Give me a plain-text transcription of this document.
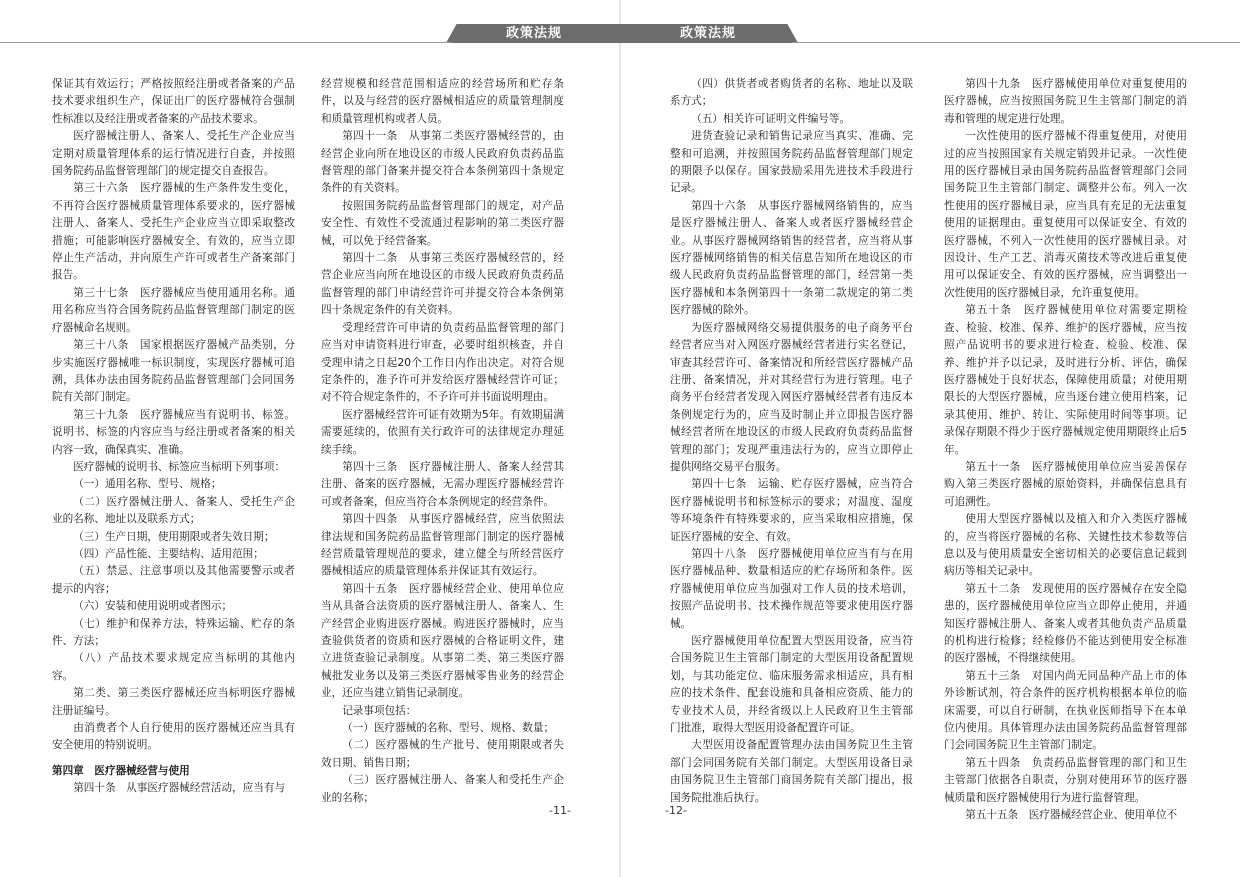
政策法规	政策法规

保证其有效运行；严格按照经注册或者备案的产品技术要求组织生产，保证出厂的医疗器械符合强制性标准以及经注册或者备案的产品技术要求。

医疗器械注册人、备案人、受托生产企业应当定期对质量管理体系的运行情况进行自查，并按照国务院药品监督管理部门的规定提交自查报告。

第三十六条　医疗器械的生产条件发生变化，不再符合医疗器械质量管理体系要求的，医疗器械注册人、备案人、受托生产企业应当立即采取整改措施；可能影响医疗器械安全、有效的，应当立即停止生产活动，并向原生产许可或者生产备案部门报告。

第三十七条　医疗器械应当使用通用名称。通用名称应当符合国务院药品监督管理部门制定的医疗器械命名规则。

第三十八条　国家根据医疗器械产品类别，分步实施医疗器械唯一标识制度，实现医疗器械可追溯，具体办法由国务院药品监督管理部门会同国务院有关部门制定。

第三十九条　医疗器械应当有说明书、标签。说明书、标签的内容应当与经注册或者备案的相关内容一致，确保真实、准确。

医疗器械的说明书、标签应当标明下列事项：

（一）通用名称、型号、规格；

（二）医疗器械注册人、备案人、受托生产企业的名称、地址以及联系方式；

（三）生产日期，使用期限或者失效日期；

（四）产品性能、主要结构、适用范围；

（五）禁忌、注意事项以及其他需要警示或者提示的内容；

（六）安装和使用说明或者图示；

（七）维护和保养方法，特殊运输、贮存的条件、方法；

（八）产品技术要求规定应当标明的其他内容。

第二类、第三类医疗器械还应当标明医疗器械注册证编号。

由消费者个人自行使用的医疗器械还应当具有安全使用的特别说明。

第四章　医疗器械经营与使用

第四十条　从事医疗器械经营活动，应当有与

经营规模和经营范围相适应的经营场所和贮存条件，以及与经营的医疗器械相适应的质量管理制度和质量管理机构或者人员。

第四十一条　从事第二类医疗器械经营的，由经营企业向所在地设区的市级人民政府负责药品监督管理的部门备案并提交符合本条例第四十条规定条件的有关资料。

按照国务院药品监督管理部门的规定，对产品安全性、有效性不受流通过程影响的第二类医疗器械，可以免于经营备案。

第四十二条　从事第三类医疗器械经营的，经营企业应当向所在地设区的市级人民政府负责药品监督管理的部门申请经营许可并提交符合本条例第四十条规定条件的有关资料。

受理经营许可申请的负责药品监督管理的部门应当对申请资料进行审查，必要时组织核查，并自受理申请之日起20个工作日内作出决定。对符合规定条件的，准予许可并发给医疗器械经营许可证；对不符合规定条件的，不予许可并书面说明理由。

医疗器械经营许可证有效期为5年。有效期届满需要延续的，依照有关行政许可的法律规定办理延续手续。

第四十三条　医疗器械注册人、备案人经营其注册、备案的医疗器械，无需办理医疗器械经营许可或者备案，但应当符合本条例规定的经营条件。

第四十四条　从事医疗器械经营，应当依照法律法规和国务院药品监督管理部门制定的医疗器械经营质量管理规范的要求，建立健全与所经营医疗器械相适应的质量管理体系并保证其有效运行。

第四十五条　医疗器械经营企业、使用单位应当从具备合法资质的医疗器械注册人、备案人、生产经营企业购进医疗器械。购进医疗器械时，应当查验供货者的资质和医疗器械的合格证明文件，建立进货查验记录制度。从事第二类、第三类医疗器械批发业务以及第三类医疗器械零售业务的经营企业，还应当建立销售记录制度。

记录事项包括：

（一）医疗器械的名称、型号、规格、数量；

（二）医疗器械的生产批号、使用期限或者失效日期、销售日期；

（三）医疗器械注册人、备案人和受托生产企业的名称；

（四）供货者或者购货者的名称、地址以及联系方式；

（五）相关许可证明文件编号等。

进货查验记录和销售记录应当真实、准确、完整和可追溯，并按照国务院药品监督管理部门规定的期限予以保存。国家鼓励采用先进技术手段进行记录。

第四十六条　从事医疗器械网络销售的，应当是医疗器械注册人、备案人或者医疗器械经营企业。从事医疗器械网络销售的经营者，应当将从事医疗器械网络销售的相关信息告知所在地设区的市级人民政府负责药品监督管理的部门，经营第一类医疗器械和本条例第四十一条第二款规定的第二类医疗器械的除外。

为医疗器械网络交易提供服务的电子商务平台经营者应当对入网医疗器械经营者进行实名登记，审查其经营许可、备案情况和所经营医疗器械产品注册、备案情况，并对其经营行为进行管理。电子商务平台经营者发现入网医疗器械经营者有违反本条例规定行为的，应当及时制止并立即报告医疗器械经营者所在地设区的市级人民政府负责药品监督管理的部门；发现严重违法行为的，应当立即停止提供网络交易平台服务。

第四十七条　运输、贮存医疗器械，应当符合医疗器械说明书和标签标示的要求；对温度、湿度等环境条件有特殊要求的，应当采取相应措施，保证医疗器械的安全、有效。

第四十八条　医疗器械使用单位应当有与在用医疗器械品种、数量相适应的贮存场所和条件。医疗器械使用单位应当加强对工作人员的技术培训，按照产品说明书、技术操作规范等要求使用医疗器械。

医疗器械使用单位配置大型医用设备，应当符合国务院卫生主管部门制定的大型医用设备配置规划，与其功能定位、临床服务需求相适应，具有相应的技术条件、配套设施和具备相应资质、能力的专业技术人员，并经省级以上人民政府卫生主管部门批准，取得大型医用设备配置许可证。

大型医用设备配置管理办法由国务院卫生主管部门会同国务院有关部门制定。大型医用设备目录由国务院卫生主管部门商国务院有关部门提出，报国务院批准后执行。

第四十九条　医疗器械使用单位对重复使用的医疗器械，应当按照国务院卫生主管部门制定的消毒和管理的规定进行处理。

一次性使用的医疗器械不得重复使用，对使用过的应当按照国家有关规定销毁并记录。一次性使用的医疗器械目录由国务院药品监督管理部门会同国务院卫生主管部门制定、调整并公布。列入一次性使用的医疗器械目录，应当具有充足的无法重复使用的证据理由。重复使用可以保证安全、有效的医疗器械，不列入一次性使用的医疗器械目录。对因设计、生产工艺、消毒灭菌技术等改进后重复使用可以保证安全、有效的医疗器械，应当调整出一次性使用的医疗器械目录，允许重复使用。

第五十条　医疗器械使用单位对需要定期检查、检验、校准、保养、维护的医疗器械，应当按照产品说明书的要求进行检查、检验、校准、保养、维护并予以记录，及时进行分析、评估，确保医疗器械处于良好状态，保障使用质量；对使用期限长的大型医疗器械，应当逐台建立使用档案，记录其使用、维护、转让、实际使用时间等事项。记录保存期限不得少于医疗器械规定使用期限终止后5年。

第五十一条　医疗器械使用单位应当妥善保存购入第三类医疗器械的原始资料，并确保信息具有可追溯性。

使用大型医疗器械以及植入和介入类医疗器械的，应当将医疗器械的名称、关键性技术参数等信息以及与使用质量安全密切相关的必要信息记载到病历等相关记录中。

第五十二条　发现使用的医疗器械存在安全隐患的，医疗器械使用单位应当立即停止使用，并通知医疗器械注册人、备案人或者其他负责产品质量的机构进行检修；经检修仍不能达到使用安全标准的医疗器械，不得继续使用。

第五十三条　对国内尚无同品种产品上市的体外诊断试剂，符合条件的医疗机构根据本单位的临床需要，可以自行研制，在执业医师指导下在本单位内使用。具体管理办法由国务院药品监督管理部门会同国务院卫生主管部门制定。

第五十四条　负责药品监督管理的部门和卫生主管部门依据各自职责，分别对使用环节的医疗器械质量和医疗器械使用行为进行监督管理。

第五十五条　医疗器械经营企业、使用单位不

-11-	-12-
